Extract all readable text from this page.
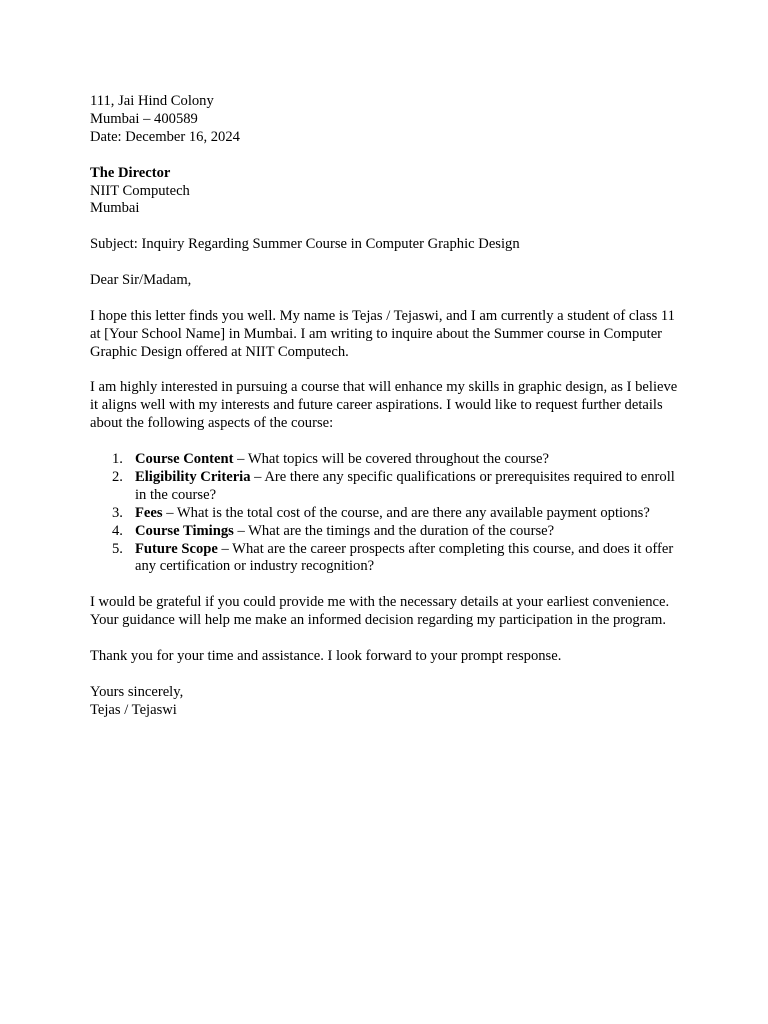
111, Jai Hind Colony
Mumbai – 400589
Date: December 16, 2024
The Director
NIIT Computech
Mumbai

Subject: Inquiry Regarding Summer Course in Computer Graphic Design

Dear Sir/Madam,

I hope this letter finds you well. My name is Tejas / Tejaswi, and I am currently a student of class 11 at [Your School Name] in Mumbai. I am writing to inquire about the Summer course in Computer Graphic Design offered at NIIT Computech.

I am highly interested in pursuing a course that will enhance my skills in graphic design, as I believe it aligns well with my interests and future career aspirations. I would like to request further details about the following aspects of the course:

1. Course Content – What topics will be covered throughout the course?
2. Eligibility Criteria – Are there any specific qualifications or prerequisites required to enroll in the course?
3. Fees – What is the total cost of the course, and are there any available payment options?
4. Course Timings – What are the timings and the duration of the course?
5. Future Scope – What are the career prospects after completing this course, and does it offer any certification or industry recognition?

I would be grateful if you could provide me with the necessary details at your earliest convenience. Your guidance will help me make an informed decision regarding my participation in the program.

Thank you for your time and assistance. I look forward to your prompt response.

Yours sincerely,
Tejas / Tejaswi
